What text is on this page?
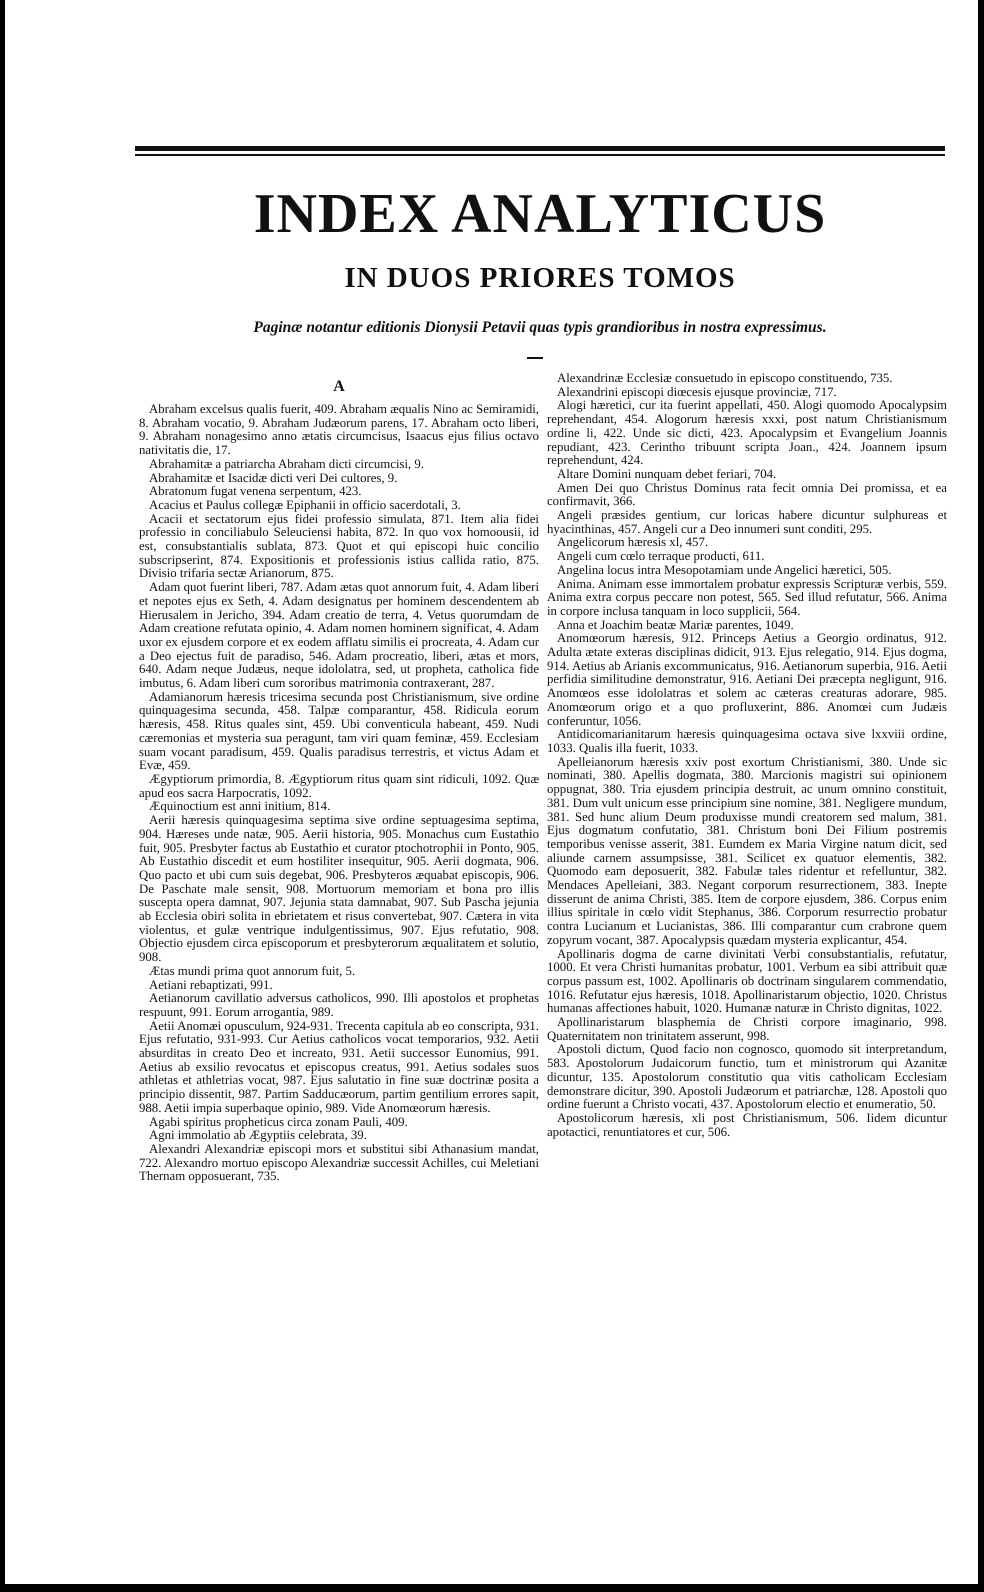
INDEX ANALYTICUS
IN DUOS PRIORES TOMOS
Paginæ notantur editionis Dionysii Petavii quas typis grandioribus in nostra expressimus.
A

Abraham excelsus qualis fuerit, 409. Abraham æqualis Nino ac Semiramidi, 8. Abraham vocatio, 9. Abraham Judæorum parens, 17. Abraham octo liberi, 9. Abraham nonagesimo anno ætatis circumcisus, Isaacus ejus filius octavo nativitatis die, 17.

Abrahamitæ a patriarcha Abraham dicti circumcisi, 9.

Abrahamitæ et Isacidæ dicti veri Dei cultores, 9.

Abratonum fugat venena serpentum, 423.

Acacius et Paulus collegæ Epiphanii in officio sacerdotali, 3.

Acacii et sectatorum ejus fidei professio simulata, 871. Item alia fidei professio in conciliabulo Seleuciensi habita, 872. In quo vox homoousii, id est, consubstantialis sublata, 873. Quot et qui episcopi huic concilio subscripserint, 874. Expositionis et professionis istius callida ratio, 875. Divisio trifaria sectæ Arianorum, 875.

Adam quot fuerint liberi, 787. Adam ætas quot annorum fuit, 4. Adam liberi et nepotes ejus ex Seth, 4. Adam designatus per hominem descendentem ab Hierusalem in Jericho, 394. Adam creatio de terra, 4. Vetus quorumdam de Adam creatione refutata opinio, 4. Adam nomen hominem significat, 4. Adam uxor ex ejusdem corpore et ex eodem afflatu similis ei procreata, 4. Adam cur a Deo ejectus fuit de paradiso, 546. Adam procreatio, liberi, ætas et mors, 640. Adam neque Judæus, neque idololatra, sed, ut propheta, catholica fide imbutus, 6. Adam liberi cum sororibus matrimonia contraxerant, 287.

Adamianorum hæresis tricesima secunda post Christianismum, sive ordine quinquagesima secunda, 458. Talpæ comparantur, 458. Ridicula eorum hæresis, 458. Ritus quales sint, 459. Ubi conventicula habeant, 459. Nudi cæremonias et mysteria sua peragunt, tam viri quam feminæ, 459. Ecclesiam suam vocant paradisum, 459. Qualis paradisus terrestris, et victus Adam et Evæ, 459.

Ægyptiorum primordia, 8. Ægyptiorum ritus quam sint ridiculi, 1092. Quæ apud eos sacra Harpocratis, 1092.

Æquinoctium est anni initium, 814.

Aerii hæresis quinquagesima septima sive ordine septuagesima septima, 904. Hæreses unde natæ, 905. Aerii historia, 905. Monachus cum Eustathio fuit, 905. Presbyter factus ab Eustathio et curator ptochotrophii in Ponto, 905. Ab Eustathio discedit et eum hostiliter insequitur, 905. Aerii dogmata, 906. Quo pacto et ubi cum suis degebat, 906. Presbyteros æquabat episcopis, 906. De Paschate male sensit, 908. Mortuorum memoriam et bona pro illis suscepta opera damnat, 907. Jejunia stata damnabat, 907. Sub Pascha jejunia ab Ecclesia obiri solita in ebrietatem et risus convertebat, 907. Cætera in vita violentus, et gulæ ventrique indulgentissimus, 907. Ejus refutatio, 908. Objectio ejusdem circa episcoporum et presbyterorum æqualitatem et solutio, 908.

Ætas mundi prima quot annorum fuit, 5.

Aetiani rebaptizati, 991.

Aetianorum cavillatio adversus catholicos, 990. Illi apostolos et prophetas respuunt, 991. Eorum arrogantia, 989.

Aetii Anomæi opusculum, 924-931. Trecenta capitula ab eo conscripta, 931. Ejus refutatio, 931-993. Cur Aetius catholicos vocat temporarios, 932. Aetii absurditas in creato Deo et increato, 931. Aetii successor Eunomius, 991. Aetius ab exsilio revocatus et episcopus creatus, 991. Aetius sodales suos athletas et athletrias vocat, 987. Ejus salutatio in fine suæ doctrinæ posita a principio dissentit, 987. Partim Sadducæorum, partim gentilium errores sapit, 988. Aetii impia superbaque opinio, 989. Vide Anomœorum hæresis.

Agabi spiritus propheticus circa zonam Pauli, 409.

Agni immolatio ab Ægyptiis celebrata, 39.

Alexandri Alexandriæ episcopi mors et substitui sibi Athanasium mandat, 722. Alexandro mortuo episcopo Alexandriæ successit Achilles, cui Meletiani Thernam opposuerant, 735.

Alexandrinæ Ecclesiæ consuetudo in episcopo constituendo, 735.

Alexandrini episcopi diœcesis ejusque provinciæ, 717.

Alogi hæretici, cur ita fuerint appellati, 450. Alogi quomodo Apocalypsim reprehendant, 454. Alogorum hæresis xxxi, post natum Christianismum ordine li, 422. Unde sic dicti, 423. Apocalypsim et Evangelium Joannis repudiant, 423. Cerintho tribuunt scripta Joan., 424. Joannem ipsum reprehendunt, 424.

Altare Domini nunquam debet feriari, 704.

Amen Dei quo Christus Dominus rata fecit omnia Dei promissa, et ea confirmavit, 366.

Angeli præsides gentium, cur loricas habere dicuntur sulphureas et hyacinthinas, 457. Angeli cur a Deo innumeri sunt conditi, 295.

Angelicorum hæresis xl, 457.

Angeli cum cœlo terraque producti, 611.

Angelina locus intra Mesopotamiam unde Angelici hæretici, 505.

Anima. Animam esse immortalem probatur expressis Scripturæ verbis, 559. Anima extra corpus peccare non potest, 565. Sed illud refutatur, 566. Anima in corpore inclusa tanquam in loco supplicii, 564.

Anna et Joachim beatæ Mariæ parentes, 1049.

Anomœorum hæresis, 912. Princeps Aetius a Georgio ordinatus, 912. Adulta ætate exteras disciplinas didicit, 913. Ejus relegatio, 914. Ejus dogma, 914. Aetius ab Arianis excommunicatus, 916. Aetianorum superbia, 916. Aetii perfidia similitudine demonstratur, 916. Aetiani Dei præcepta negligunt, 916. Anomœos esse idololatras et solem ac cæteras creaturas adorare, 985. Anomœorum origo et a quo profluxerint, 886. Anomœi cum Judæis conferuntur, 1056.

Antidicomarianitarum hæresis quinquagesima octava sive lxxviii ordine, 1033. Qualis illa fuerit, 1033.

Apelleianorum hæresis xxiv post exortum Christianismi, 380. Unde sic nominati, 380. Apellis dogmata, 380. Marcionis magistri sui opinionem oppugnat, 380. Tria ejusdem principia destruit, ac unum omnino constituit, 381. Dum vult unicum esse principium sine nomine, 381. Negligere mundum, 381. Sed hunc alium Deum produxisse mundi creatorem sed malum, 381. Ejus dogmatum confutatio, 381. Christum boni Dei Filium postremis temporibus venisse asserit, 381. Eumdem ex Maria Virgine natum dicit, sed aliunde carnem assumpsisse, 381. Scilicet ex quatuor elementis, 382. Quomodo eam deposuerit, 382. Fabulæ tales ridentur et refelluntur, 382. Mendaces Apelleiani, 383. Negant corporum resurrectionem, 383. Inepte disserunt de anima Christi, 385. Item de corpore ejusdem, 386. Corpus enim illius spiritale in cœlo vidit Stephanus, 386. Corporum resurrectio probatur contra Lucianum et Lucianistas, 386. Illi comparantur cum crabrone quem zopyrum vocant, 387. Apocalypsis quædam mysteria explicantur, 454.

Apollinaris dogma de carne divinitati Verbi consubstantialis, refutatur, 1000. Et vera Christi humanitas probatur, 1001. Verbum ea sibi attribuit quæ corpus passum est, 1002. Apollinaris ob doctrinam singularem commendatio, 1016. Refutatur ejus hæresis, 1018. Apollinaristarum objectio, 1020. Christus humanas affectiones habuit, 1020. Humanæ naturæ in Christo dignitas, 1022.

Apollinaristarum blasphemia de Christi corpore imaginario, 998. Quaternitatem non trinitatem asserunt, 998.

Apostoli dictum, Quod facio non cognosco, quomodo sit interpretandum, 583. Apostolorum Judaicorum functio, tum et ministrorum qui Azanitæ dicuntur, 135. Apostolorum constitutio qua vitis catholicam Ecclesiam demonstrare dicitur, 390. Apostoli Judæorum et patriarchæ, 128. Apostoli quo ordine fuerunt a Christo vocati, 437. Apostolorum electio et enumeratio, 50.

Apostolicorum hæresis, xli post Christianismum, 506. Iidem dicuntur apotactici, renuntiatores et cur, 506.
